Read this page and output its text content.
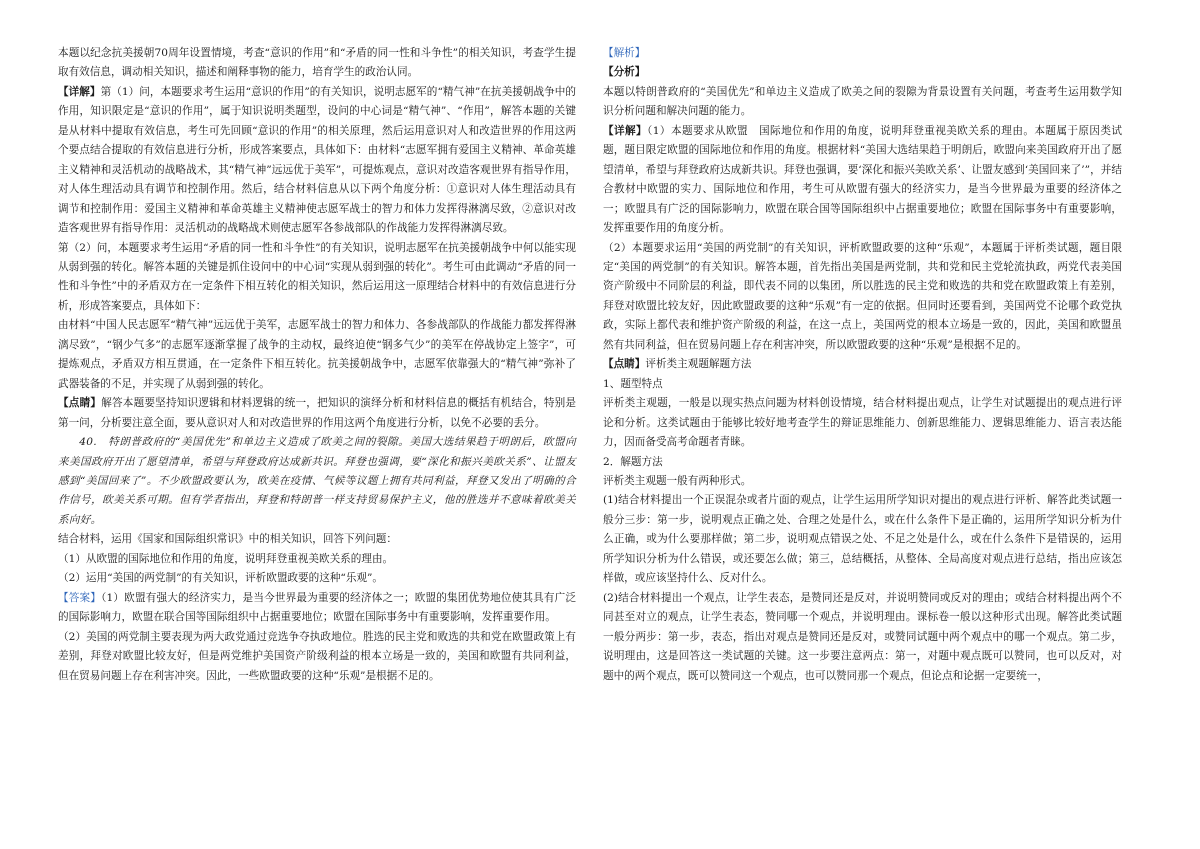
本题以纪念抗美援朝70周年设置情境，考查“意识的作用”和“矛盾的同一性和斗争性”的相关知识，考查学生提取有效信息，调动相关知识，描述和阐释事物的能力，培育学生的政治认同。

【详解】第（1）问，本题要求考生运用“意识的作用”的有关知识，说明志愿军的“精气神”在抗美援朝战争中的作用，知识限定是“意识的作用”，属于知识说明类题型，设问的中心词是“精气神”、“作用”，解答本题的关键是从材料中提取有效信息，考生可先回顾“意识的作用”的相关原理，然后运用意识对人和改造世界的作用这两个要点结合提取的有效信息进行分析，形成答案要点，具体如下：由材料“志愿军拥有爱国主义精神、革命英雄主义精神和灵活机动的战略战术，其“精气神”远远优于美军”，可提炼观点，意识对改造客观世界有指导作用，对人体生理活动具有调节和控制作用。然后，结合材料信息从以下两个角度分析：①意识对人体生理活动具有调节和控制作用：爱国主义精神和革命英雄主义精神使志愿军战士的智力和体力发挥得淋漓尽致，②意识对改造客观世界有指导作用：灵活机动的战略战术则使志愿军各参战部队的作战能力发挥得淋漓尽致。

第（2）问，本题要求考生运用“矛盾的同一性和斗争性”的有关知识，说明志愿军在抗美援朝战争中何以能实现从弱到强的转化。解答本题的关键是抓住设问中的中心词“实现从弱到强的转化”。考生可由此调动“矛盾的同一性和斗争性”中的矛盾双方在一定条件下相互转化的相关知识，然后运用这一原理结合材料中的有效信息进行分析，形成答案要点，具体如下：

由材料“中国人民志愿军“精气神”远远优于美军，志愿军战士的智力和体力、各参战部队的作战能力都发挥得淋漓尽致”，“钢少气多”的志愿军逐渐掌握了战争的主动权，最终迫使“钢多气少”的美军在停战协定上签字”，可提炼观点，矛盾双方相互贯通，在一定条件下相互转化。抗美援朝战争中，志愿军依靠强大的“精气神”弥补了武器装备的不足，并实现了从弱到强的转化。

【点睛】解答本题要坚持知识逻辑和材料逻辑的统一，把知识的演绎分析和材料信息的概括有机结合，特别是第一问，分析要注意全面，要从意识对人和对改造世界的作用这两个角度进行分析，以免不必要的丢分。

40.　特朗普政府的“美国优先”和单边主义造成了欧美之间的裂隙。美国大选结果趋于明朗后，欧盟向来美国政府开出了愿望清单，希望与拜登政府达成新共识。拜登也强调，要“深化和振兴美欧关系”、让盟友感到“美国回来了”。不少欧盟政要认为，欧美在疫情、气候等议题上拥有共同利益，拜登又发出了明确的合作信号，欧美关系可期。但有学者指出，拜登和特朗普一样支持贸易保护主义，他的胜选并不意味着欧美关系向好。

结合材料，运用《国家和国际组织常识》中的相关知识，回答下列问题：

（1）从欧盟的国际地位和作用的角度，说明拜登重视美欧关系的理由。

（2）运用“美国的两党制”的有关知识，评析欧盟政要的这种“乐观”。

【答案】（1）欧盟有强大的经济实力，是当今世界最为重要的经济体之一；欧盟的集团优势地位使其具有广泛的国际影响力，欧盟在联合国等国际组织中占据重要地位；欧盟在国际事务中有重要影响，发挥重要作用。

（2）美国的两党制主要表现为两大政党通过竞选争夺执政地位。胜选的民主党和败选的共和党在欧盟政策上有差别，拜登对欧盟比较友好，但是两党维护美国资产阶级利益的根本立场是一致的，美国和欧盟有共同利益，但在贸易问题上存在利害冲突。因此，一些欧盟政要的这种“乐观”是根据不足的。

【解析】

【分析】

本题以特朗普政府的“美国优先”和单边主义造成了欧美之间的裂隙为背景设置有关问题，考查考生运用数学知识分析问题和解决问题的能力。

【详解】（1）本题要求从欧盟　国际地位和作用的角度，说明拜登重视美欧关系的理由。本题属于原因类试题，题目限定欧盟的国际地位和作用的角度。根据材料“美国大选结果趋于明朗后，欧盟向来美国政府开出了愿望清单，希望与拜登政府达成新共识。拜登也强调，要‘深化和振兴美欧关系’、让盟友感到‘美国回来了’”，并结合教材中欧盟的实力、国际地位和作用，考生可从欧盟有强大的经济实力，是当今世界最为重要的经济体之一；欧盟具有广泛的国际影响力，欧盟在联合国等国际组织中占据重要地位；欧盟在国际事务中有重要影响，发挥重要作用的角度分析。

（2）本题要求运用“美国的两党制”的有关知识，评析欧盟政要的这种“乐观”，本题属于评析类试题，题目限定“美国的两党制”的有关知识。解答本题，首先指出美国是两党制，共和党和民主党轮流执政，两党代表美国资产阶级中不同阶层的利益，即代表不同的以集团，所以胜选的民主党和败选的共和党在欧盟政策上有差别，拜登对欧盟比较友好，因此欧盟政要的这种“乐观”有一定的依据。但同时还要看到，美国两党不论哪个政党执政，实际上都代表和维护资产阶级的利益，在这一点上，美国两党的根本立场是一致的，因此，美国和欧盟虽然有共同利益，但在贸易问题上存在利害冲突，所以欧盟政要的这种“乐观”是根据不足的。

【点睛】评析类主观题解题方法

1、题型特点

评析类主观题，一般是以现实热点问题为材料创设情境，结合材料提出观点，让学生对试题提出的观点进行评论和分析。这类试题由于能够比较好地考查学生的辩证思维能力、创新思维能力、逻辑思维能力、语言表达能力，因而备受高考命题者青睐。

2．解题方法

评析类主观题一般有两种形式。

(1)结合材料提出一个正误混杂或者片面的观点，让学生运用所学知识对提出的观点进行评析、解答此类试题一般分三步：第一步，说明观点正确之处、合理之处是什么，或在什么条件下是正确的，运用所学知识分析为什么正确，或为什么要那样做；第二步，说明观点错误之处、不足之处是什么，或在什么条件下是错误的，运用所学知识分析为什么错误，或还要怎么做；第三，总结概括，从整体、全局高度对观点进行总结，指出应该怎样做，或应该坚持什么、反对什么。

(2)结合材料提出一个观点，让学生表态，是赞同还是反对，并说明赞同或反对的理由；或结合材料提出两个不同甚至对立的观点，让学生表态，赞同哪一个观点，并说明理由。课标卷一般以这种形式出现。解答此类试题一般分两步：第一步，表态，指出对观点是赞同还是反对，或赞同试题中两个观点中的哪一个观点。第二步，说明理由，这是回答这一类试题的关键。这一步要注意两点：第一，对题中观点既可以赞同，也可以反对，对题中的两个观点，既可以赞同这一个观点，也可以赞同那一个观点，但论点和论据一定要统一，
